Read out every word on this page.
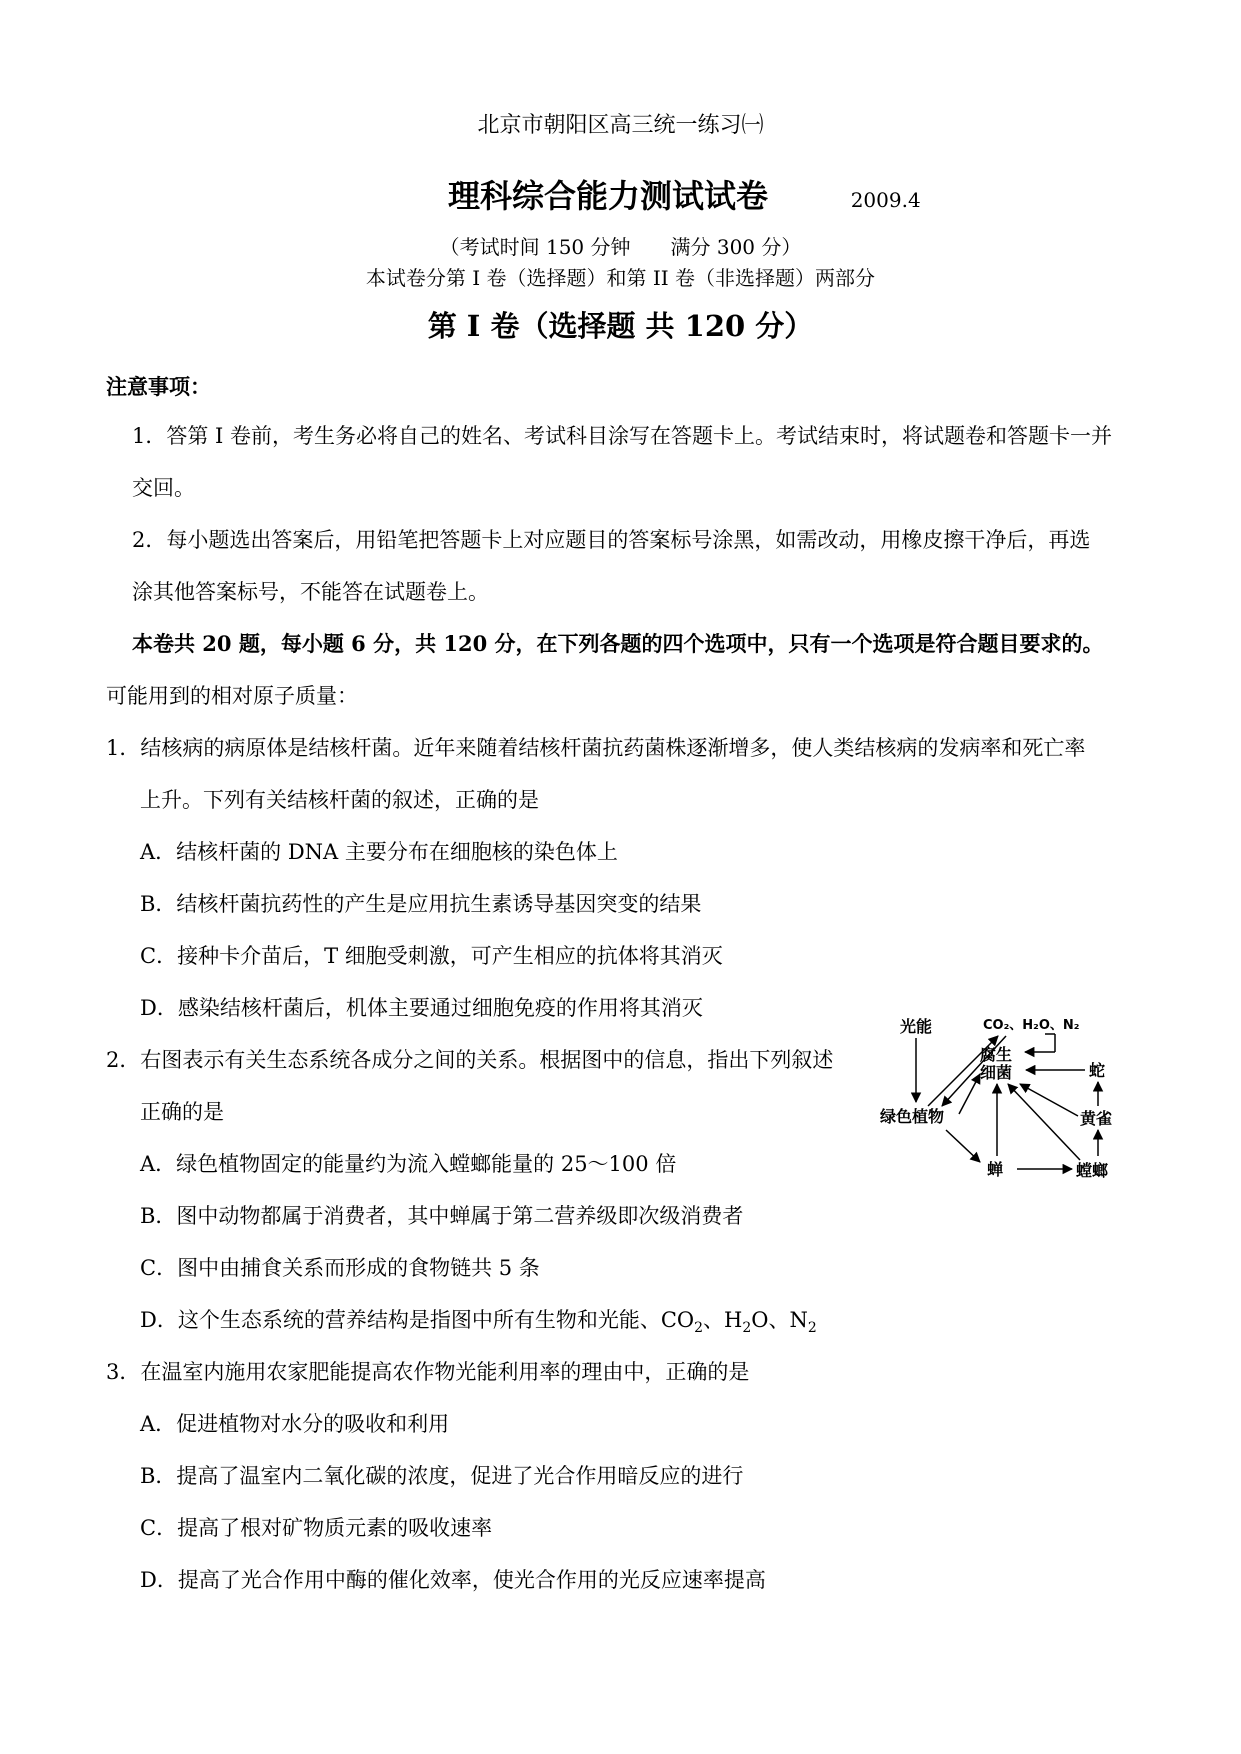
北京市朝阳区高三统一练习㈠
理科综合能力测试试卷	2009.4
（考试时间 150 分钟　　满分 300 分）
本试卷分第 I 卷（选择题）和第 II 卷（非选择题）两部分
第 I 卷（选择题 共 120 分）
注意事项：
1．答第 I 卷前，考生务必将自己的姓名、考试科目涂写在答题卡上。考试结束时，将试题卷和答题卡一并
交回。
2．每小题选出答案后，用铅笔把答题卡上对应题目的答案标号涂黑，如需改动，用橡皮擦干净后，再选
涂其他答案标号，不能答在试题卷上。
本卷共 20 题，每小题 6 分，共 120 分，在下列各题的四个选项中，只有一个选项是符合题目要求的。
可能用到的相对原子质量：
1．结核病的病原体是结核杆菌。近年来随着结核杆菌抗药菌株逐渐增多，使人类结核病的发病率和死亡率
上升。下列有关结核杆菌的叙述，正确的是
A．结核杆菌的 DNA 主要分布在细胞核的染色体上
B．结核杆菌抗药性的产生是应用抗生素诱导基因突变的结果
C．接种卡介苗后，T 细胞受刺激，可产生相应的抗体将其消灭
D．感染结核杆菌后，机体主要通过细胞免疫的作用将其消灭
2．右图表示有关生态系统各成分之间的关系。根据图中的信息，指出下列叙述
正确的是
A．绿色植物固定的能量约为流入螳螂能量的 25～100 倍
B．图中动物都属于消费者，其中蝉属于第二营养级即次级消费者
C．图中由捕食关系而形成的食物链共 5 条
D．这个生态系统的营养结构是指图中所有生物和光能、$CO_2$、$H_2O$、$N_2$
3．在温室内施用农家肥能提高农作物光能利用率的理由中，正确的是
A．促进植物对水分的吸收和利用
B．提高了温室内二氧化碳的浓度，促进了光合作用暗反应的进行
C．提高了根对矿物质元素的吸收速率
D．提高了光合作用中酶的催化效率，使光合作用的光反应速率提高
光能	CO₂、H₂O、N₂
腐生
细菌	蛇
绿色植物	黄雀
蝉	螳螂
